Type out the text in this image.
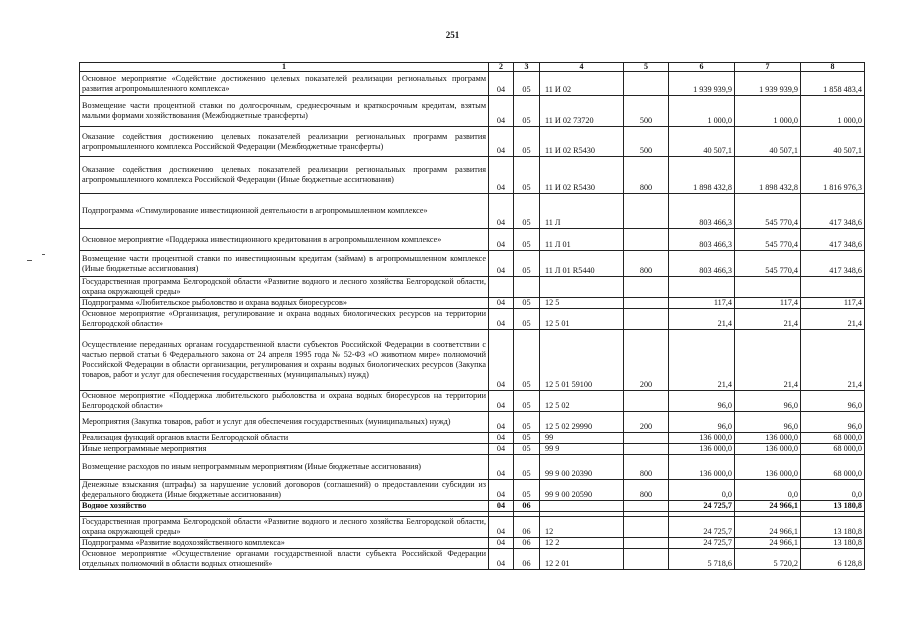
251
1	2	3	4	5	6	7	8
Основное мероприятие «Содействие достижению целевых показателей реализации региональных программ развития агропромышленного комплекса»	04	05	11 И 02		1 939 939,9	1 939 939,9	1 858 483,4
Возмещение части процентной ставки по долгосрочным, среднесрочным и краткосрочным кредитам, взятым малыми формами хозяйствования (Межбюджетные трансферты)	04	05	11 И 02 73720	500	1 000,0	1 000,0	1 000,0
Оказание содействия достижению целевых показателей реализации региональных программ развития агропромышленного комплекса Российской Федерации (Межбюджетные трансферты)	04	05	11 И 02 R5430	500	40 507,1	40 507,1	40 507,1
Оказание содействия достижению целевых показателей реализации региональных программ развития агропромышленного комплекса Российской Федерации (Иные бюджетные ассигнования)	04	05	11 И 02 R5430	800	1 898 432,8	1 898 432,8	1 816 976,3
Подпрограмма «Стимулирование инвестиционной деятельности в агропромышленном комплексе»	04	05	11 Л		803 466,3	545 770,4	417 348,6
Основное мероприятие «Поддержка инвестиционного кредитования в агропромышленном комплексе»	04	05	11 Л 01		803 466,3	545 770,4	417 348,6
Возмещение части процентной ставки по инвестиционным кредитам (займам) в агропромышленном комплексе (Иные бюджетные ассигнования)	04	05	11 Л 01 R5440	800	803 466,3	545 770,4	417 348,6
Государственная программа Белгородской области «Развитие водного и лесного хозяйства Белгородской области, охрана окружающей среды»							
Подпрограмма «Любительское рыболовство и охрана водных биоресурсов»	04	05	12 5		117,4	117,4	117,4
Основное мероприятие «Организация, регулирование и охрана водных биологических ресурсов на территории Белгородской области»	04	05	12 5 01		21,4	21,4	21,4
Осуществление переданных органам государственной власти субъектов Российской Федерации в соответствии с частью первой статьи 6 Федерального закона от 24 апреля 1995 года № 52-ФЗ «О животном мире» полномочий Российской Федерации в области организации, регулирования и охраны водных биологических ресурсов (Закупка товаров, работ и услуг для обеспечения государственных (муниципальных) нужд)	04	05	12 5 01 59100	200	21,4	21,4	21,4
Основное мероприятие «Поддержка любительского рыболовства и охрана водных биоресурсов на территории Белгородской области»	04	05	12 5 02		96,0	96,0	96,0
Мероприятия (Закупка товаров, работ и услуг для обеспечения государственных (муниципальных) нужд)	04	05	12 5 02 29990	200	96,0	96,0	96,0
Реализация функций органов власти Белгородской области	04	05	99		136 000,0	136 000,0	68 000,0
Иные непрограммные мероприятия	04	05	99 9		136 000,0	136 000,0	68 000,0
Возмещение расходов по иным непрограммным мероприятиям (Иные бюджетные ассигнования)	04	05	99 9 00 20390	800	136 000,0	136 000,0	68 000,0
Денежные взыскания (штрафы) за нарушение условий договоров (соглашений) о предоставлении субсидии из федерального бюджета (Иные бюджетные ассигнования)	04	05	99 9 00 20590	800	0,0	0,0	0,0
Водное хозяйство	04	06			24 725,7	24 966,1	13 180,8

Государственная программа Белгородской области «Развитие водного и лесного хозяйства Белгородской области, охрана окружающей среды»	04	06	12		24 725,7	24 966,1	13 180,8
Подпрограмма «Развитие водохозяйственного комплекса»	04	06	12 2		24 725,7	24 966,1	13 180,8
Основное мероприятие «Осуществление органами государственной власти субъекта Российской Федерации отдельных полномочий в области водных отношений»	04	06	12 2 01		5 718,6	5 720,2	6 128,8
